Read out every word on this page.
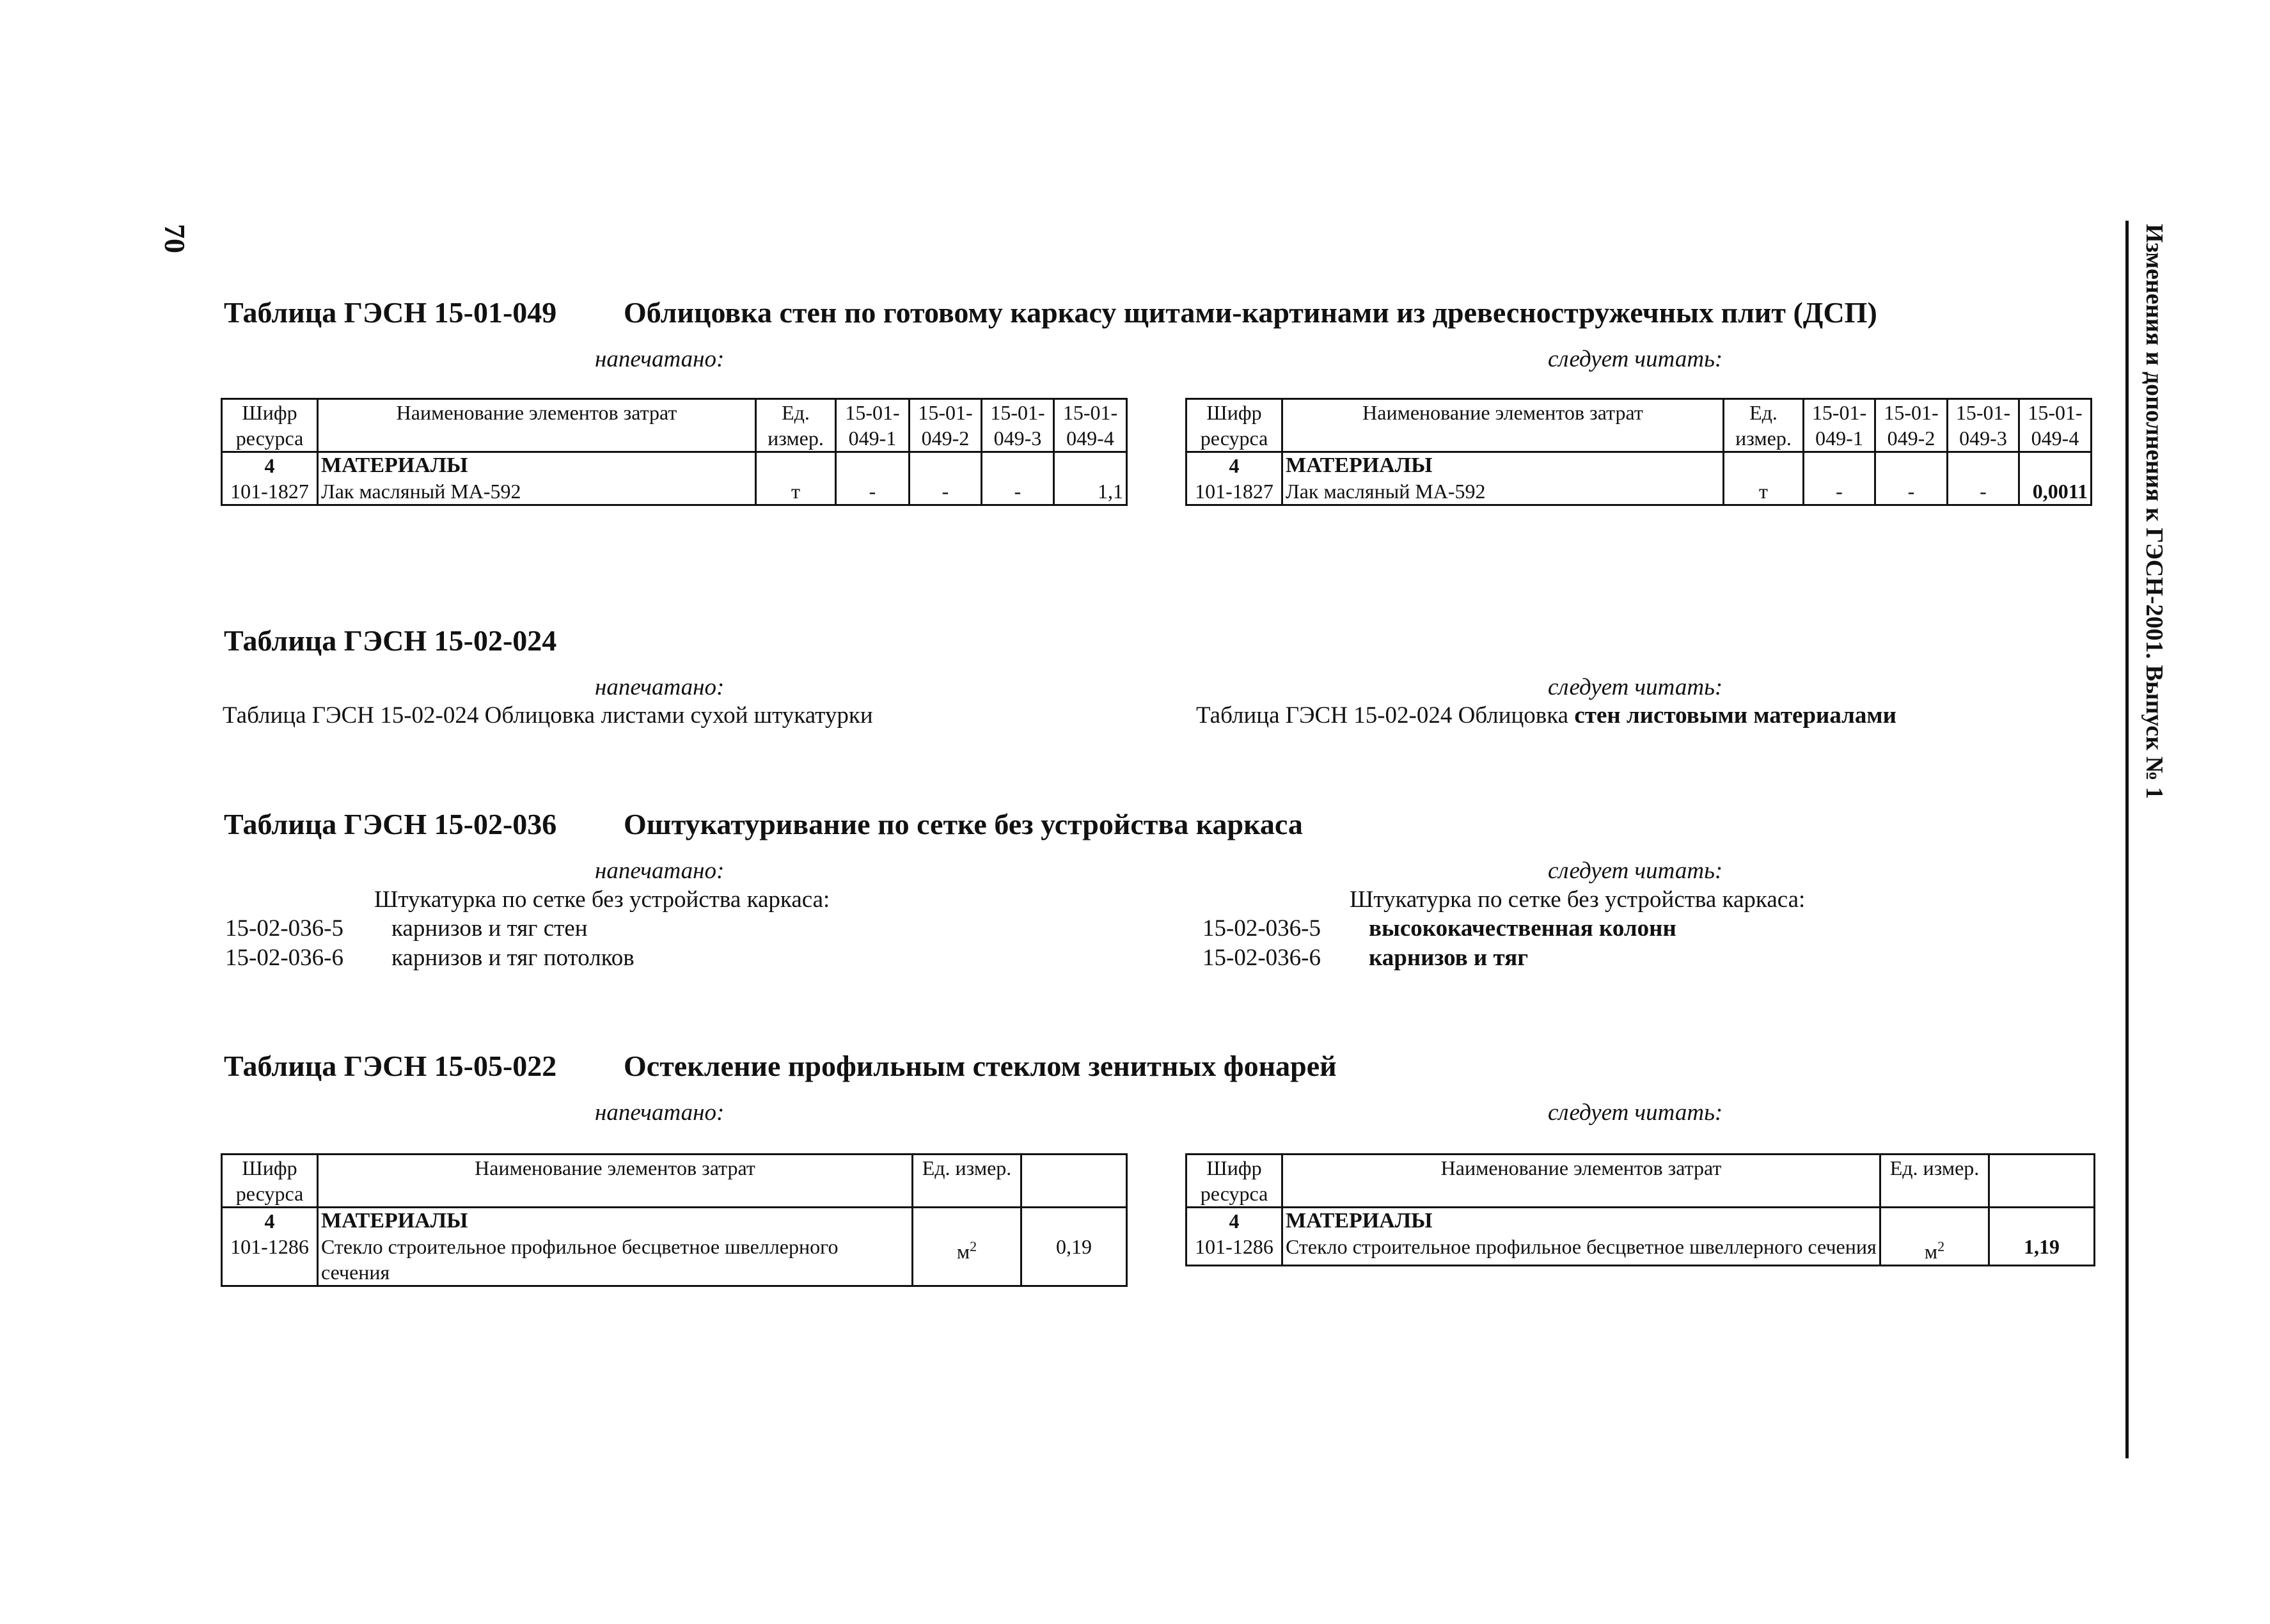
70	Изменения и дополнения к ГЭСН-2001. Выпуск № 1
Таблица ГЭСН 15-01-049 Облицовка стен по готовому каркасу щитами-картинами из древесностружечных плит (ДСП)
напечатано:	следует читать:
Шифр ресурса	Наименование элементов затрат	Ед. измер.	15-01-049-1	15-01-049-2	15-01-049-3	15-01-049-4
4	МАТЕРИАЛЫ					
101-1827	Лак масляный МА-592	т	-	-	-	1,1
Шифр ресурса	Наименование элементов затрат	Ед. измер.	15-01-049-1	15-01-049-2	15-01-049-3	15-01-049-4
4	МАТЕРИАЛЫ					
101-1827	Лак масляный МА-592	т	-	-	-	0,0011
Таблица ГЭСН 15-02-024
напечатано:	следует читать:
Таблица ГЭСН 15-02-024 Облицовка листами сухой штукатурки	Таблица ГЭСН 15-02-024 Облицовка стен листовыми материалами
Таблица ГЭСН 15-02-036 Оштукатуривание по сетке без устройства каркаса
напечатано:	следует читать:
Штукатурка по сетке без устройства каркаса:	Штукатурка по сетке без устройства каркаса:
15-02-036-5 карнизов и тяг стен
15-02-036-6 карнизов и тяг потолков
15-02-036-5 высококачественная колонн
15-02-036-6 карнизов и тяг
Таблица ГЭСН 15-05-022 Остекление профильным стеклом зенитных фонарей
напечатано:	следует читать:
Шифр ресурса	Наименование элементов затрат	Ед. измер.	
4	МАТЕРИАЛЫ		
101-1286	Стекло строительное профильное бесцветное швеллерного сечения	$м^2$	0,19
Шифр ресурса	Наименование элементов затрат	Ед. измер.	
4	МАТЕРИАЛЫ		
101-1286	Стекло строительное профильное бесцветное швеллерного сечения	$м^2$	1,19
